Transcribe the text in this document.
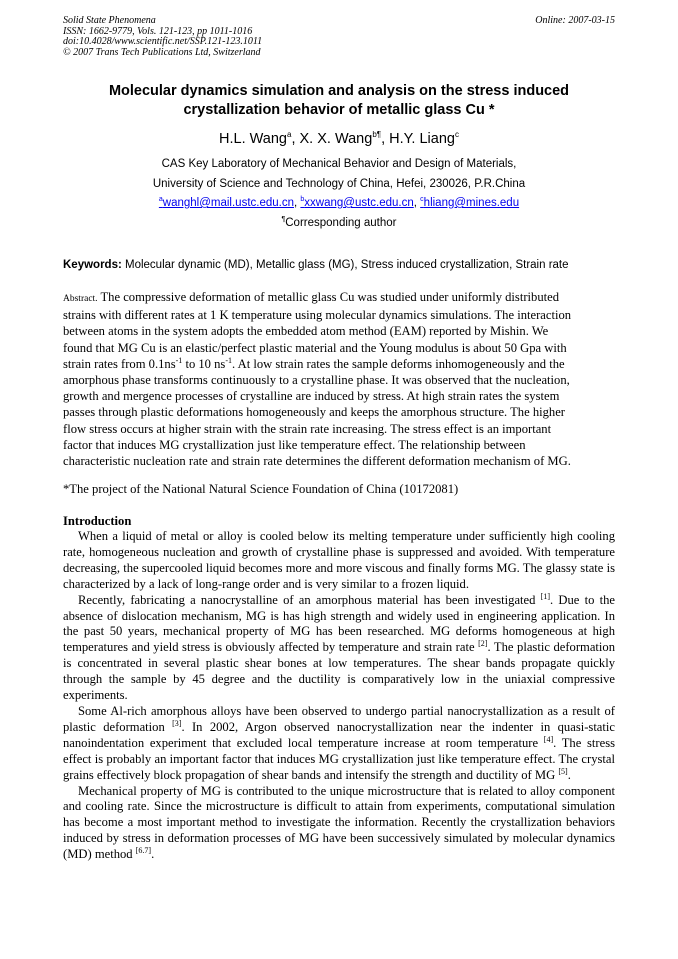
Solid State Phenomena
ISSN: 1662-9779, Vols. 121-123, pp 1011-1016
doi:10.4028/www.scientific.net/SSP.121-123.1011
© 2007 Trans Tech Publications Ltd, Switzerland
Online: 2007-03-15
Molecular dynamics simulation and analysis on the stress induced
crystallization behavior of metallic glass Cu *
H.L. Wang$^a$, X. X. Wang$^{b\P}$, H.Y. Liang$^c$
CAS Key Laboratory of Mechanical Behavior and Design of Materials,
University of Science and Technology of China, Hefei, 230026, P.R.China
$^a$wanghl@mail.ustc.edu.cn, $^b$xxwang@ustc.edu.cn, $^c$hliang@mines.edu
¶Corresponding author
Keywords: Molecular dynamic (MD), Metallic glass (MG), Stress induced crystallization, Strain rate
Abstract. The compressive deformation of metallic glass Cu was studied under uniformly distributed
strains with different rates at 1 K temperature using molecular dynamics simulations. The interaction
between atoms in the system adopts the embedded atom method (EAM) reported by Mishin. We
found that MG Cu is an elastic/perfect plastic material and the Young modulus is about 50 Gpa with
strain rates from 0.1ns$^{-1}$ to 10 ns$^{-1}$. At low strain rates the sample deforms inhomogeneously and the
amorphous phase transforms continuously to a crystalline phase. It was observed that the nucleation,
growth and mergence processes of crystalline are induced by stress. At high strain rates the system
passes through plastic deformations homogeneously and keeps the amorphous structure. The higher
flow stress occurs at higher strain with the strain rate increasing. The stress effect is an important
factor that induces MG crystallization just like temperature effect. The relationship between
characteristic nucleation rate and strain rate determines the different deformation mechanism of MG.
*The project of the National Natural Science Foundation of China (10172081)
Introduction

When a liquid of metal or alloy is cooled below its melting temperature under sufficiently high cooling rate, homogeneous nucleation and growth of crystalline phase is suppressed and avoided. With temperature decreasing, the supercooled liquid becomes more and more viscous and finally forms MG. The glassy state is characterized by a lack of long-range order and is very similar to a frozen liquid.

Recently, fabricating a nanocrystalline of an amorphous material has been investigated [1]. Due to the absence of dislocation mechanism, MG is has high strength and widely used in engineering application. In the past 50 years, mechanical property of MG has been researched. MG deforms homogeneous at high temperatures and yield stress is obviously affected by temperature and strain rate [2]. The plastic deformation is concentrated in several plastic shear bones at low temperatures. The shear bands propagate quickly through the sample by 45 degree and the ductility is comparatively low in the uniaxial compressive experiments.

Some Al-rich amorphous alloys have been observed to undergo partial nanocrystallization as a result of plastic deformation [3]. In 2002, Argon observed nanocrystallization near the indenter in quasi-static nanoindentation experiment that excluded local temperature increase at room temperature [4]. The stress effect is probably an important factor that induces MG crystallization just like temperature effect. The crystal grains effectively block propagation of shear bands and intensify the strength and ductility of MG [5].

Mechanical property of MG is contributed to the unique microstructure that is related to alloy component and cooling rate. Since the microstructure is difficult to attain from experiments, computational simulation has become a most important method to investigate the information. Recently the crystallization behaviors induced by stress in deformation processes of MG have been successively simulated by molecular dynamics (MD) method [6.7].
